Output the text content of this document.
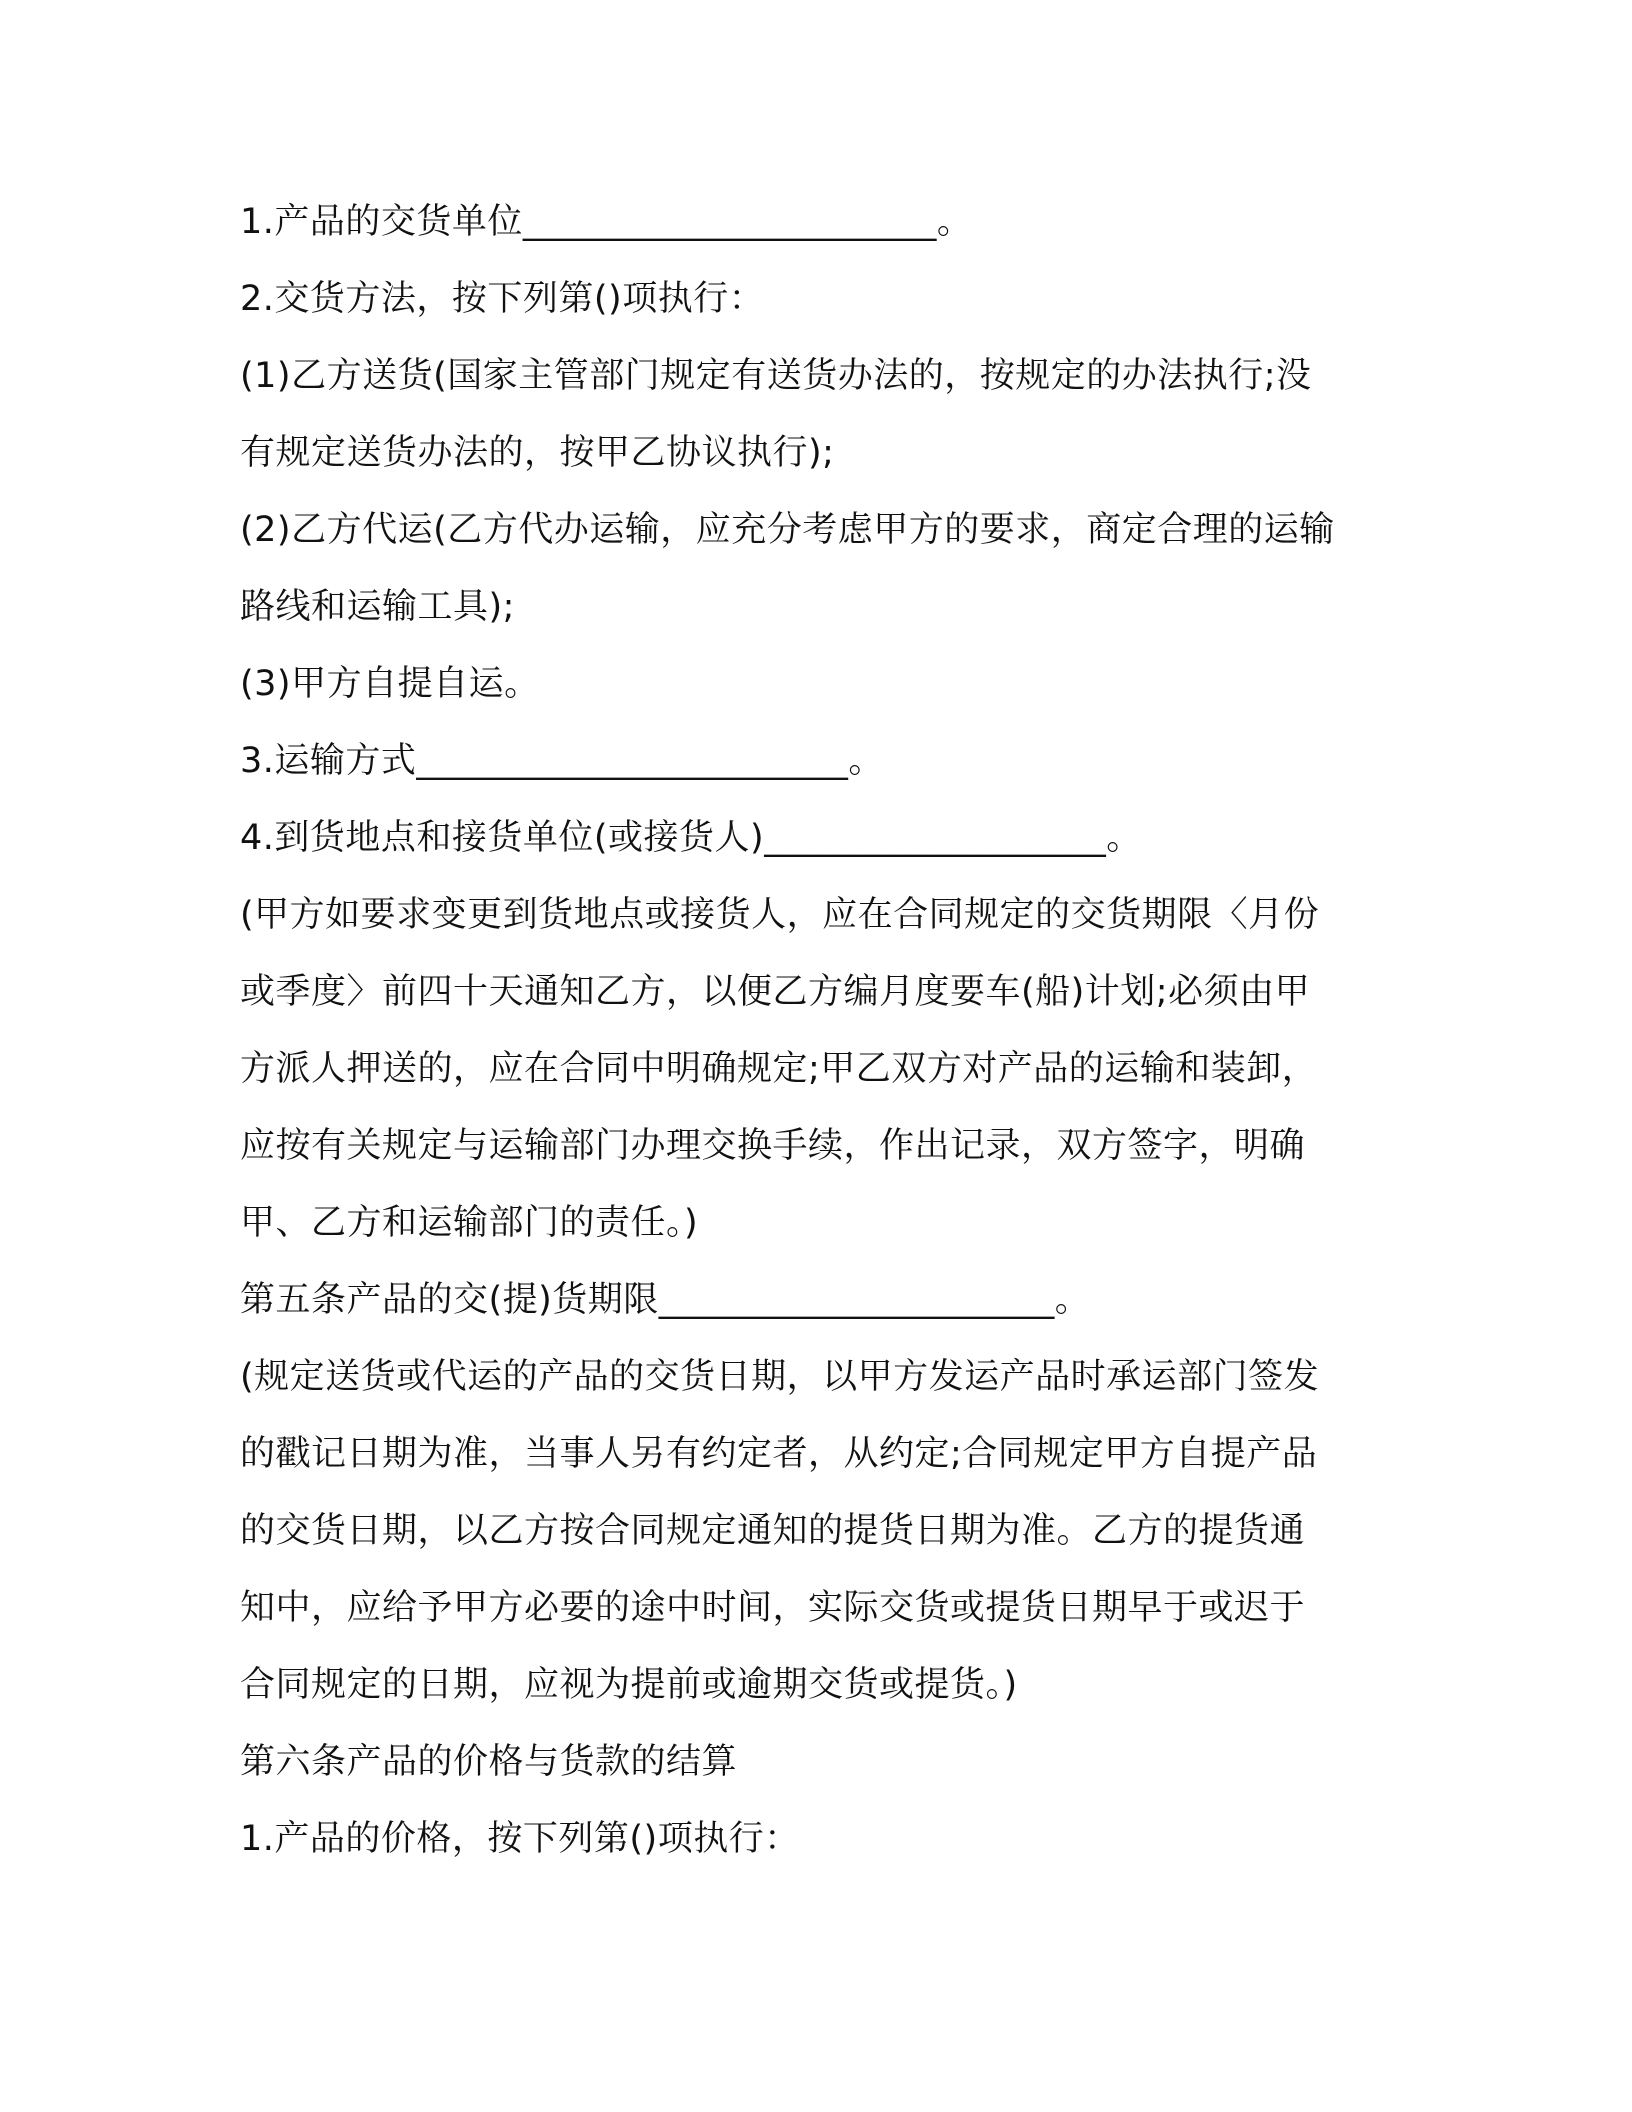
1.产品的交货单位_______________________。

2.交货方法，按下列第()项执行：

(1)乙方送货(国家主管部门规定有送货办法的，按规定的办法执行;没

有规定送货办法的，按甲乙协议执行);

(2)乙方代运(乙方代办运输，应充分考虑甲方的要求，商定合理的运输

路线和运输工具);

(3)甲方自提自运。

3.运输方式________________________。

4.到货地点和接货单位(或接货人)___________________。

(甲方如要求变更到货地点或接货人，应在合同规定的交货期限〈月份

或季度〉前四十天通知乙方，以便乙方编月度要车(船)计划;必须由甲

方派人押送的，应在合同中明确规定;甲乙双方对产品的运输和装卸，

应按有关规定与运输部门办理交换手续，作出记录，双方签字，明确

甲、乙方和运输部门的责任。)

第五条产品的交(提)货期限______________________。

(规定送货或代运的产品的交货日期，以甲方发运产品时承运部门签发

的戳记日期为准，当事人另有约定者，从约定;合同规定甲方自提产品

的交货日期，以乙方按合同规定通知的提货日期为准。乙方的提货通

知中，应给予甲方必要的途中时间，实际交货或提货日期早于或迟于

合同规定的日期，应视为提前或逾期交货或提货。)

第六条产品的价格与货款的结算

1.产品的价格，按下列第()项执行：
